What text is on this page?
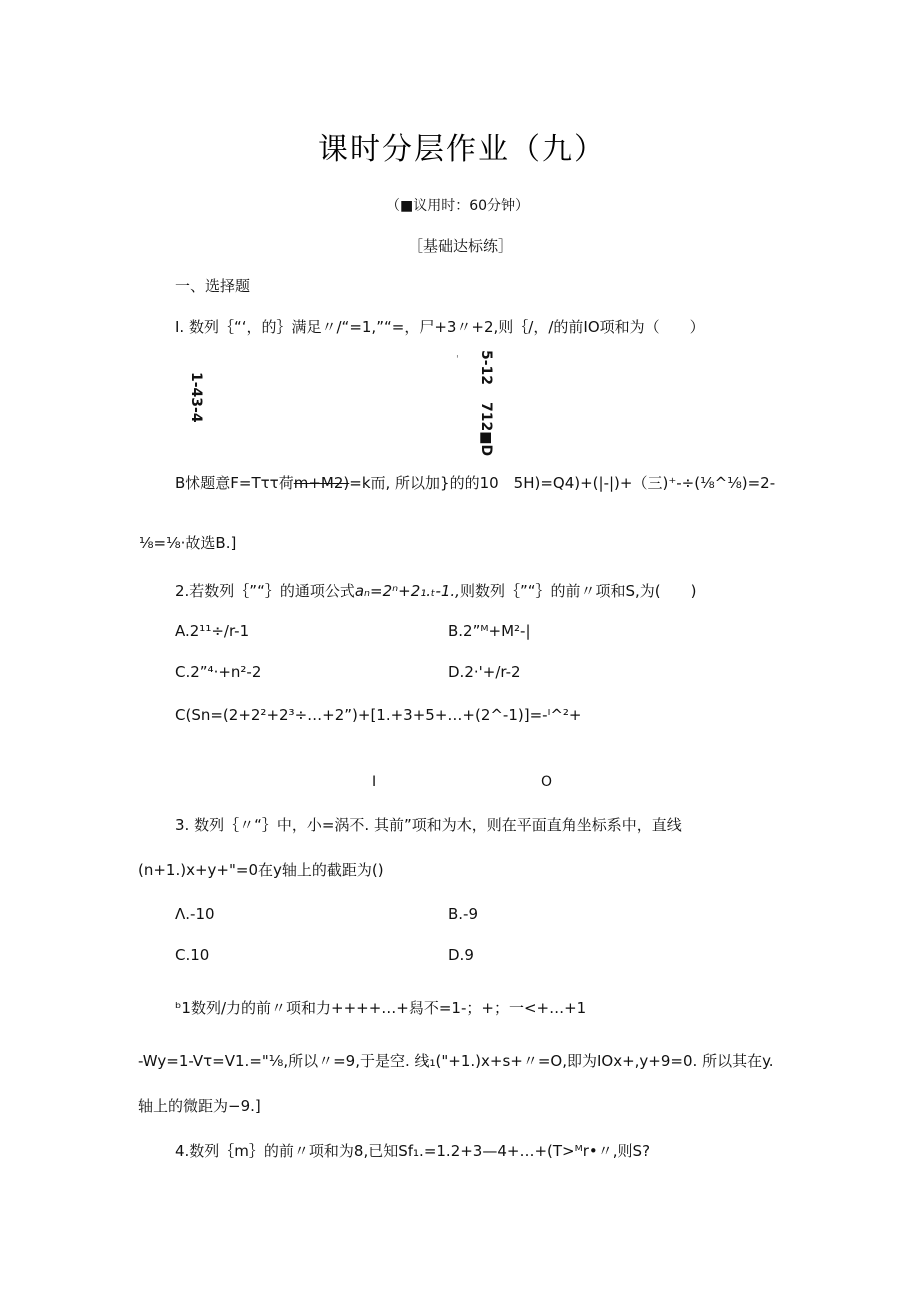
课时分层作业（九）
（■议用时：60分钟）
［基础达标练］
一、选择题
I. 数列｛“‘，的｝满足〃/“=1,”“=，尸+3〃+2,则｛/，/的前IO项和为（　　）
1-43-4
' 5-12
712■D
B怵题意F=Tττ荷m+M2)=k而, 所以加}的的10　5H)=Q4)+(|-|)+（三)⁺-÷(⅛^⅛)=2-
⅛=⅛·故选B.]
2.若数列｛”“｝的通项公式aₙ=2ⁿ+2₁.ₜ-1.,则数列｛”“｝的前〃项和S,为(　　)
A.2¹¹÷/r-1	B.2”ᴹ+M²-|
C.2”⁴·+n²-2	D.2·'+/r-2
C(Sn=(2+2²+2³÷…+2”)+[1.+3+5+…+(2^-1)]=-ᴵ^²+
I	O
3. 数列｛〃“｝中，小=涡不. 其前”项和为木，则在平面直角坐标系中，直线
(n+1.)x+y+"=0在y轴上的截距为()
Λ.-10	B.-9
C.10	D.9
ᵇ1数列/力的前〃项和力++++…+舄不=1-；+；一<+…+1
-Wy=1-Vτ=V1.="⅛,所以〃=9,于是空. 线₁("+1.)x+s+〃=O,即为IOx+,y+9=0. 所以其在y.
轴上的微距为−9.]
4.数列｛m｝的前〃项和为8,已知Sf₁.=1.2+3—4+…+(T>ᴹr•〃,则S?
